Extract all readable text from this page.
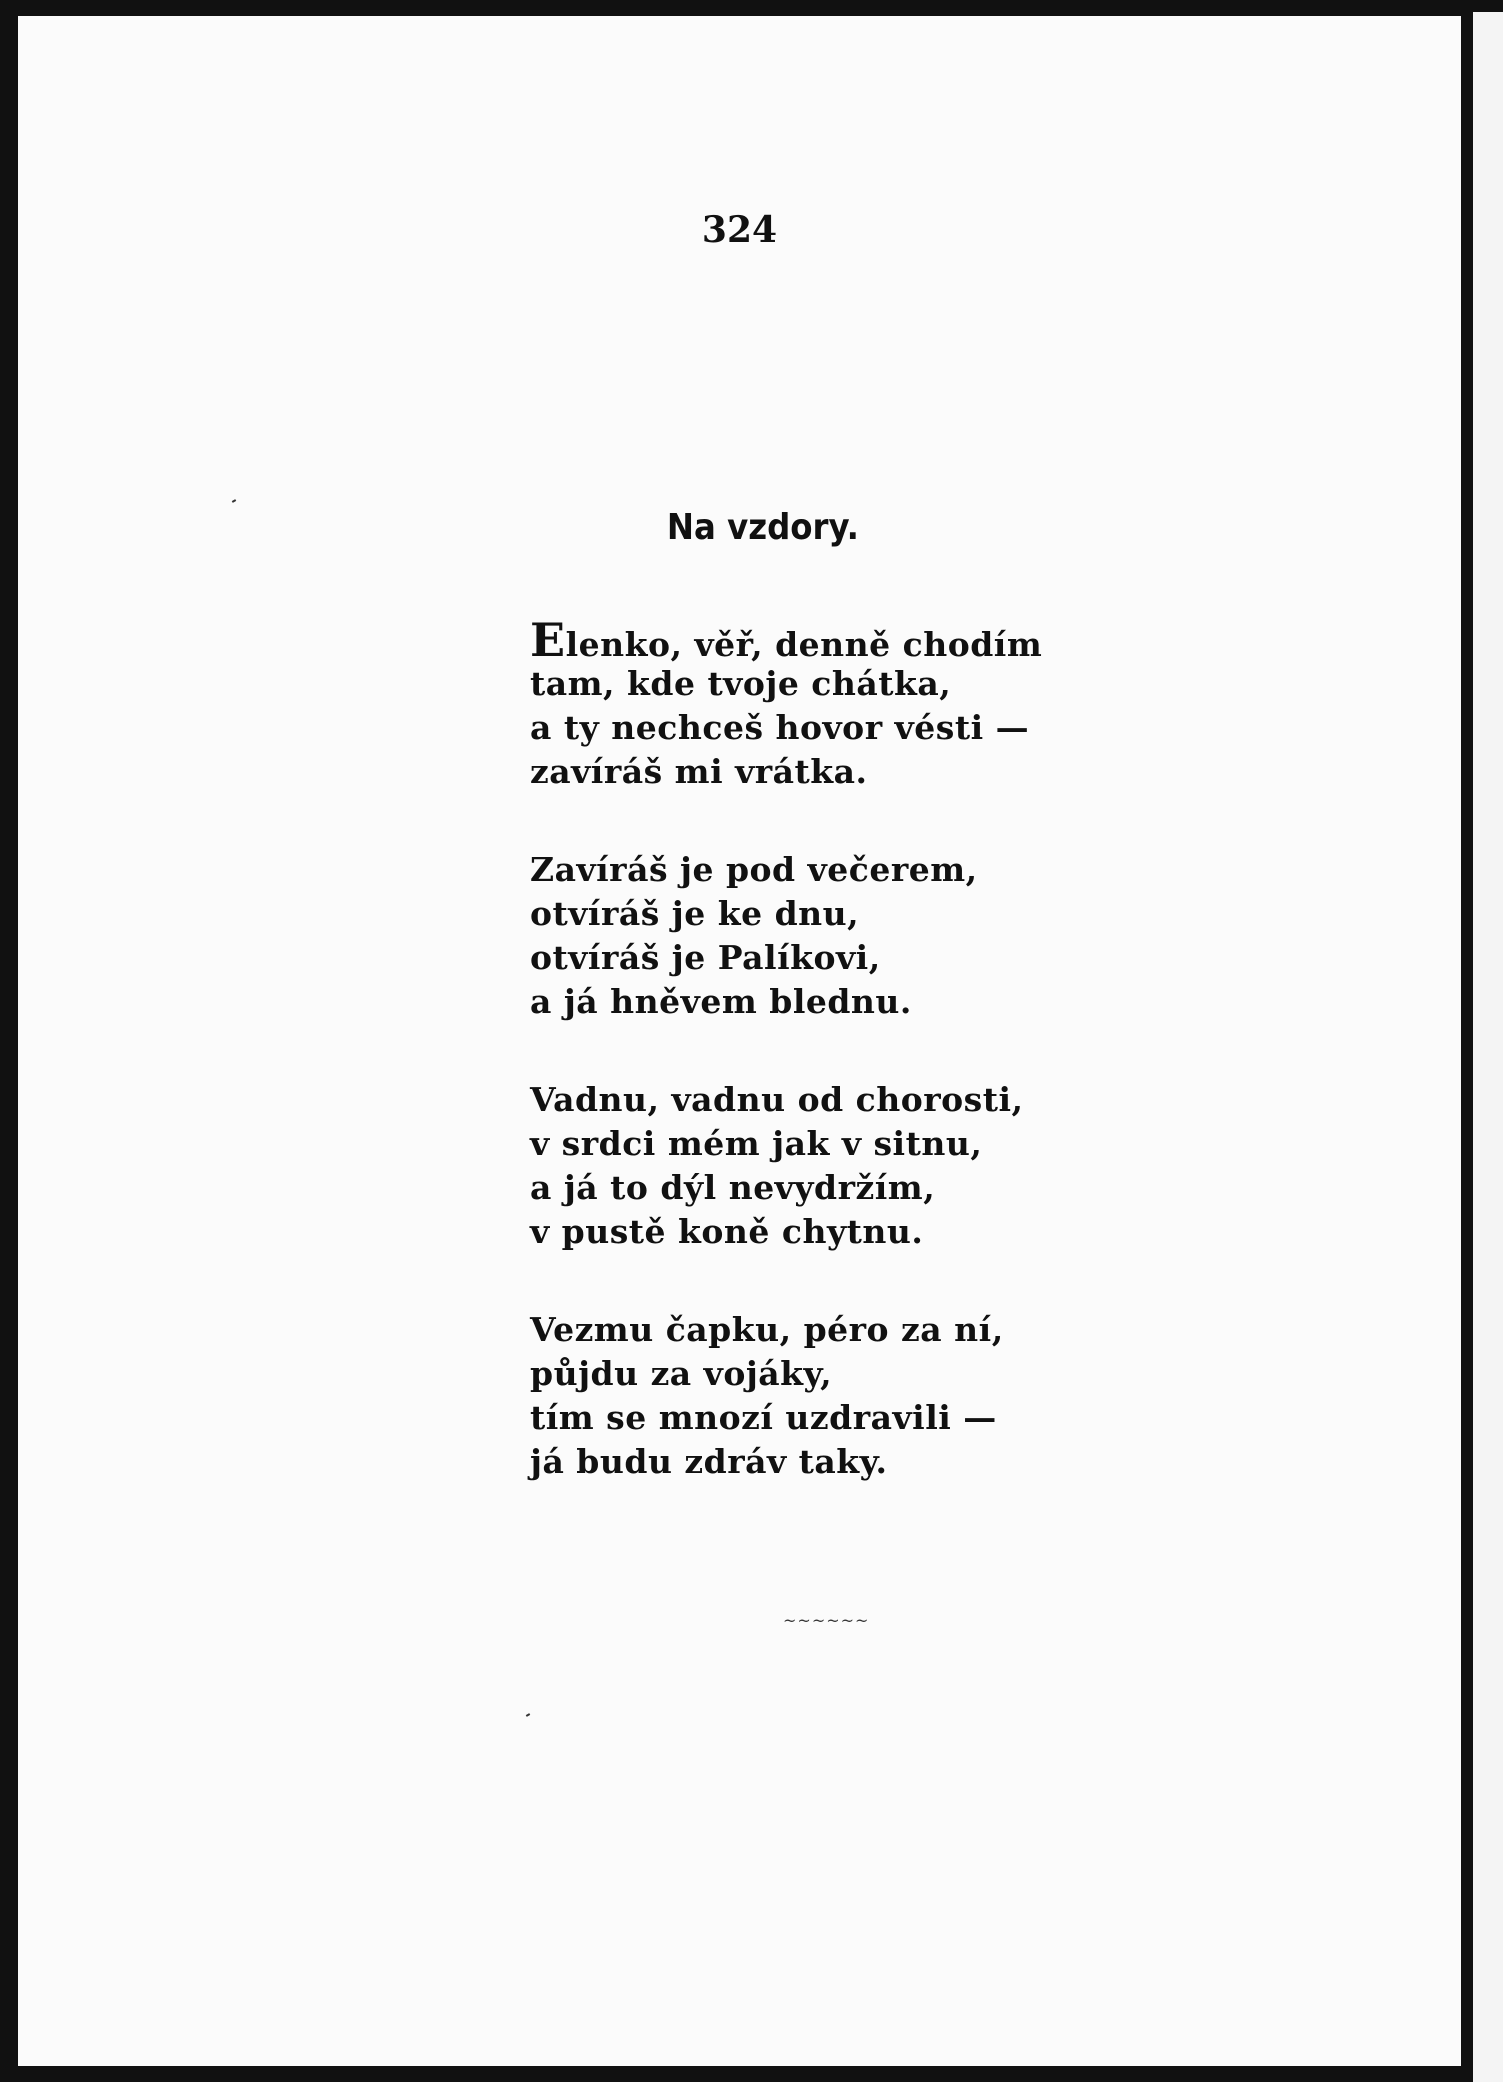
324
Na vzdory.
Elenko, věř, denně chodím
tam, kde tvoje chátka,
a ty nechceš hovor vésti —
zavíráš mi vrátka.
Zavíráš je pod večerem,
otvíráš je ke dnu,
otvíráš je Palíkovi,
a já hněvem blednu.
Vadnu, vadnu od chorosti,
v srdci mém jak v sitnu,
a já to dýl nevydržím,
v pustě koně chytnu.
Vezmu čapku, péro za ní,
půjdu za vojáky,
tím se mnozí uzdravili —
já budu zdráv taky.
~~~~~~
